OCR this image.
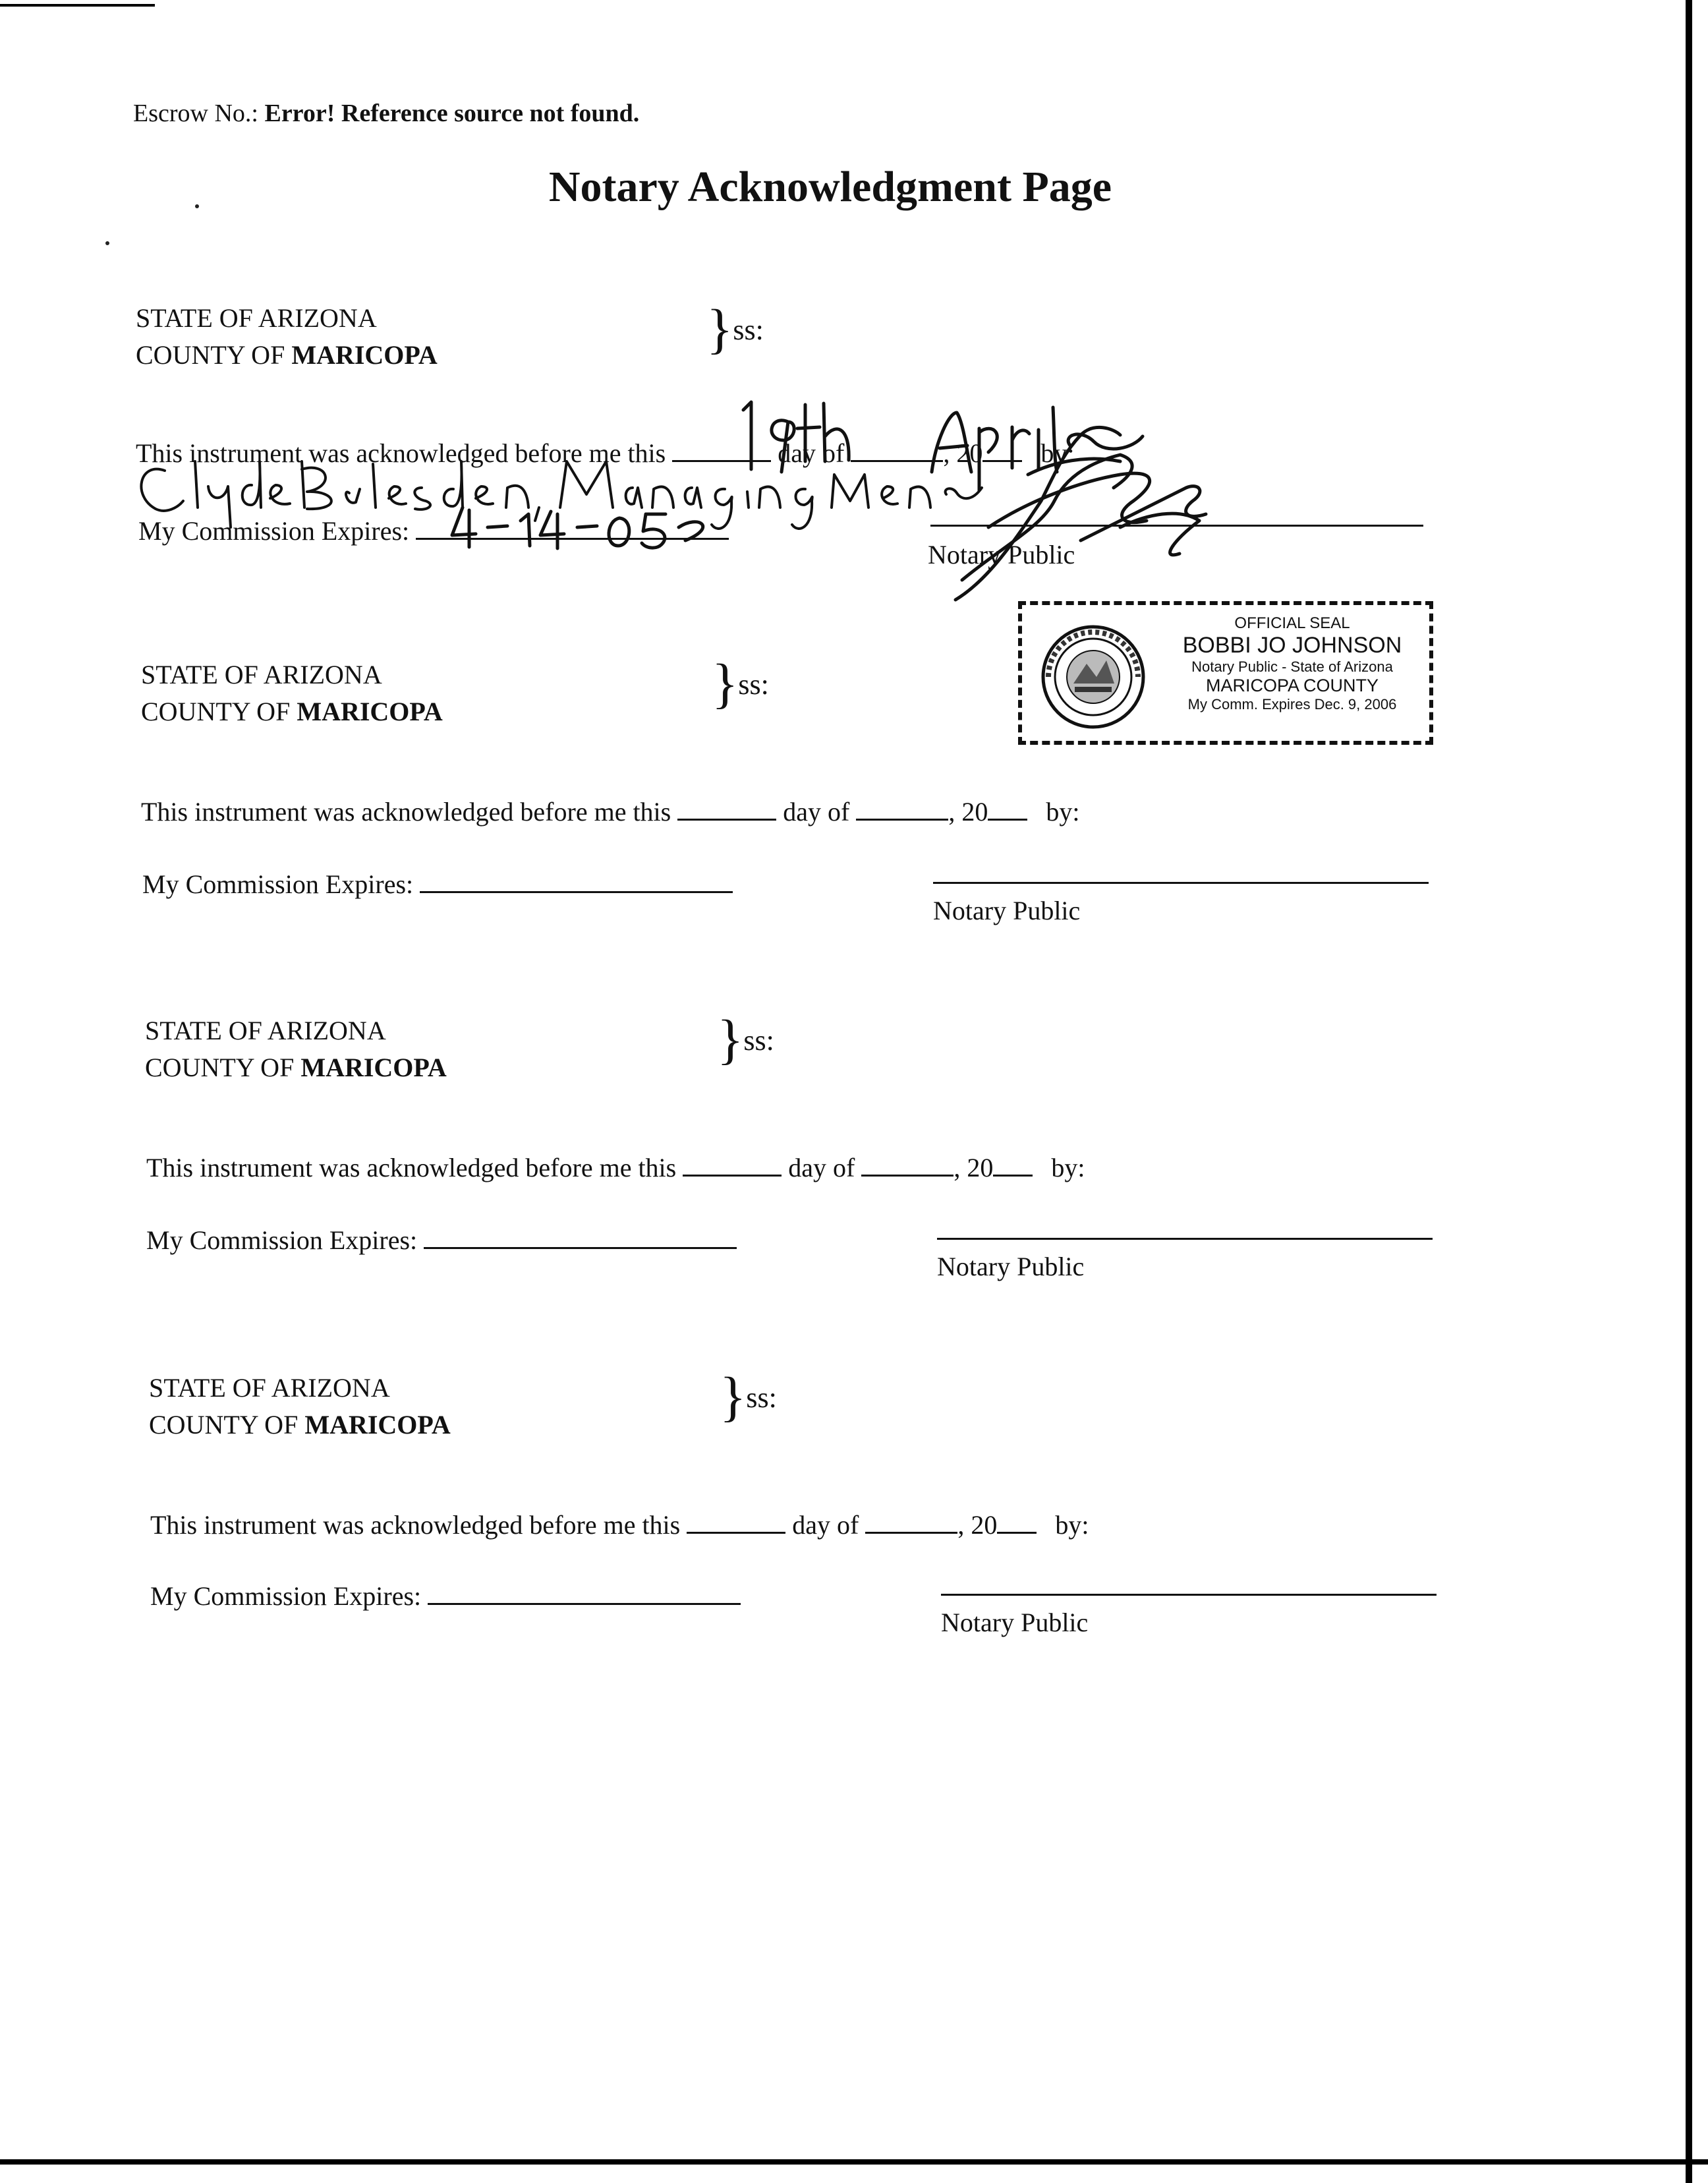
Escrow No.: Error! Reference source not found.
Notary Acknowledgment Page
STATE OF ARIZONA
COUNTY OF MARICOPA	}ss:
This instrument was acknowledged before me this	day of	, 20 by:
My Commission Expires:
Notary Public
OFFICIAL SEAL
BOBBI JO JOHNSON
Notary Public - State of Arizona
MARICOPA COUNTY
My Comm. Expires Dec. 9, 2006
STATE OF ARIZONA
COUNTY OF MARICOPA	}ss:
This instrument was acknowledged before me this	day of	, 20 by:
My Commission Expires:
Notary Public
STATE OF ARIZONA
COUNTY OF MARICOPA	}ss:
This instrument was acknowledged before me this	day of	, 20 by:
My Commission Expires:
Notary Public
STATE OF ARIZONA
COUNTY OF MARICOPA	}ss:
This instrument was acknowledged before me this	day of	, 20 by:
My Commission Expires:
Notary Public
